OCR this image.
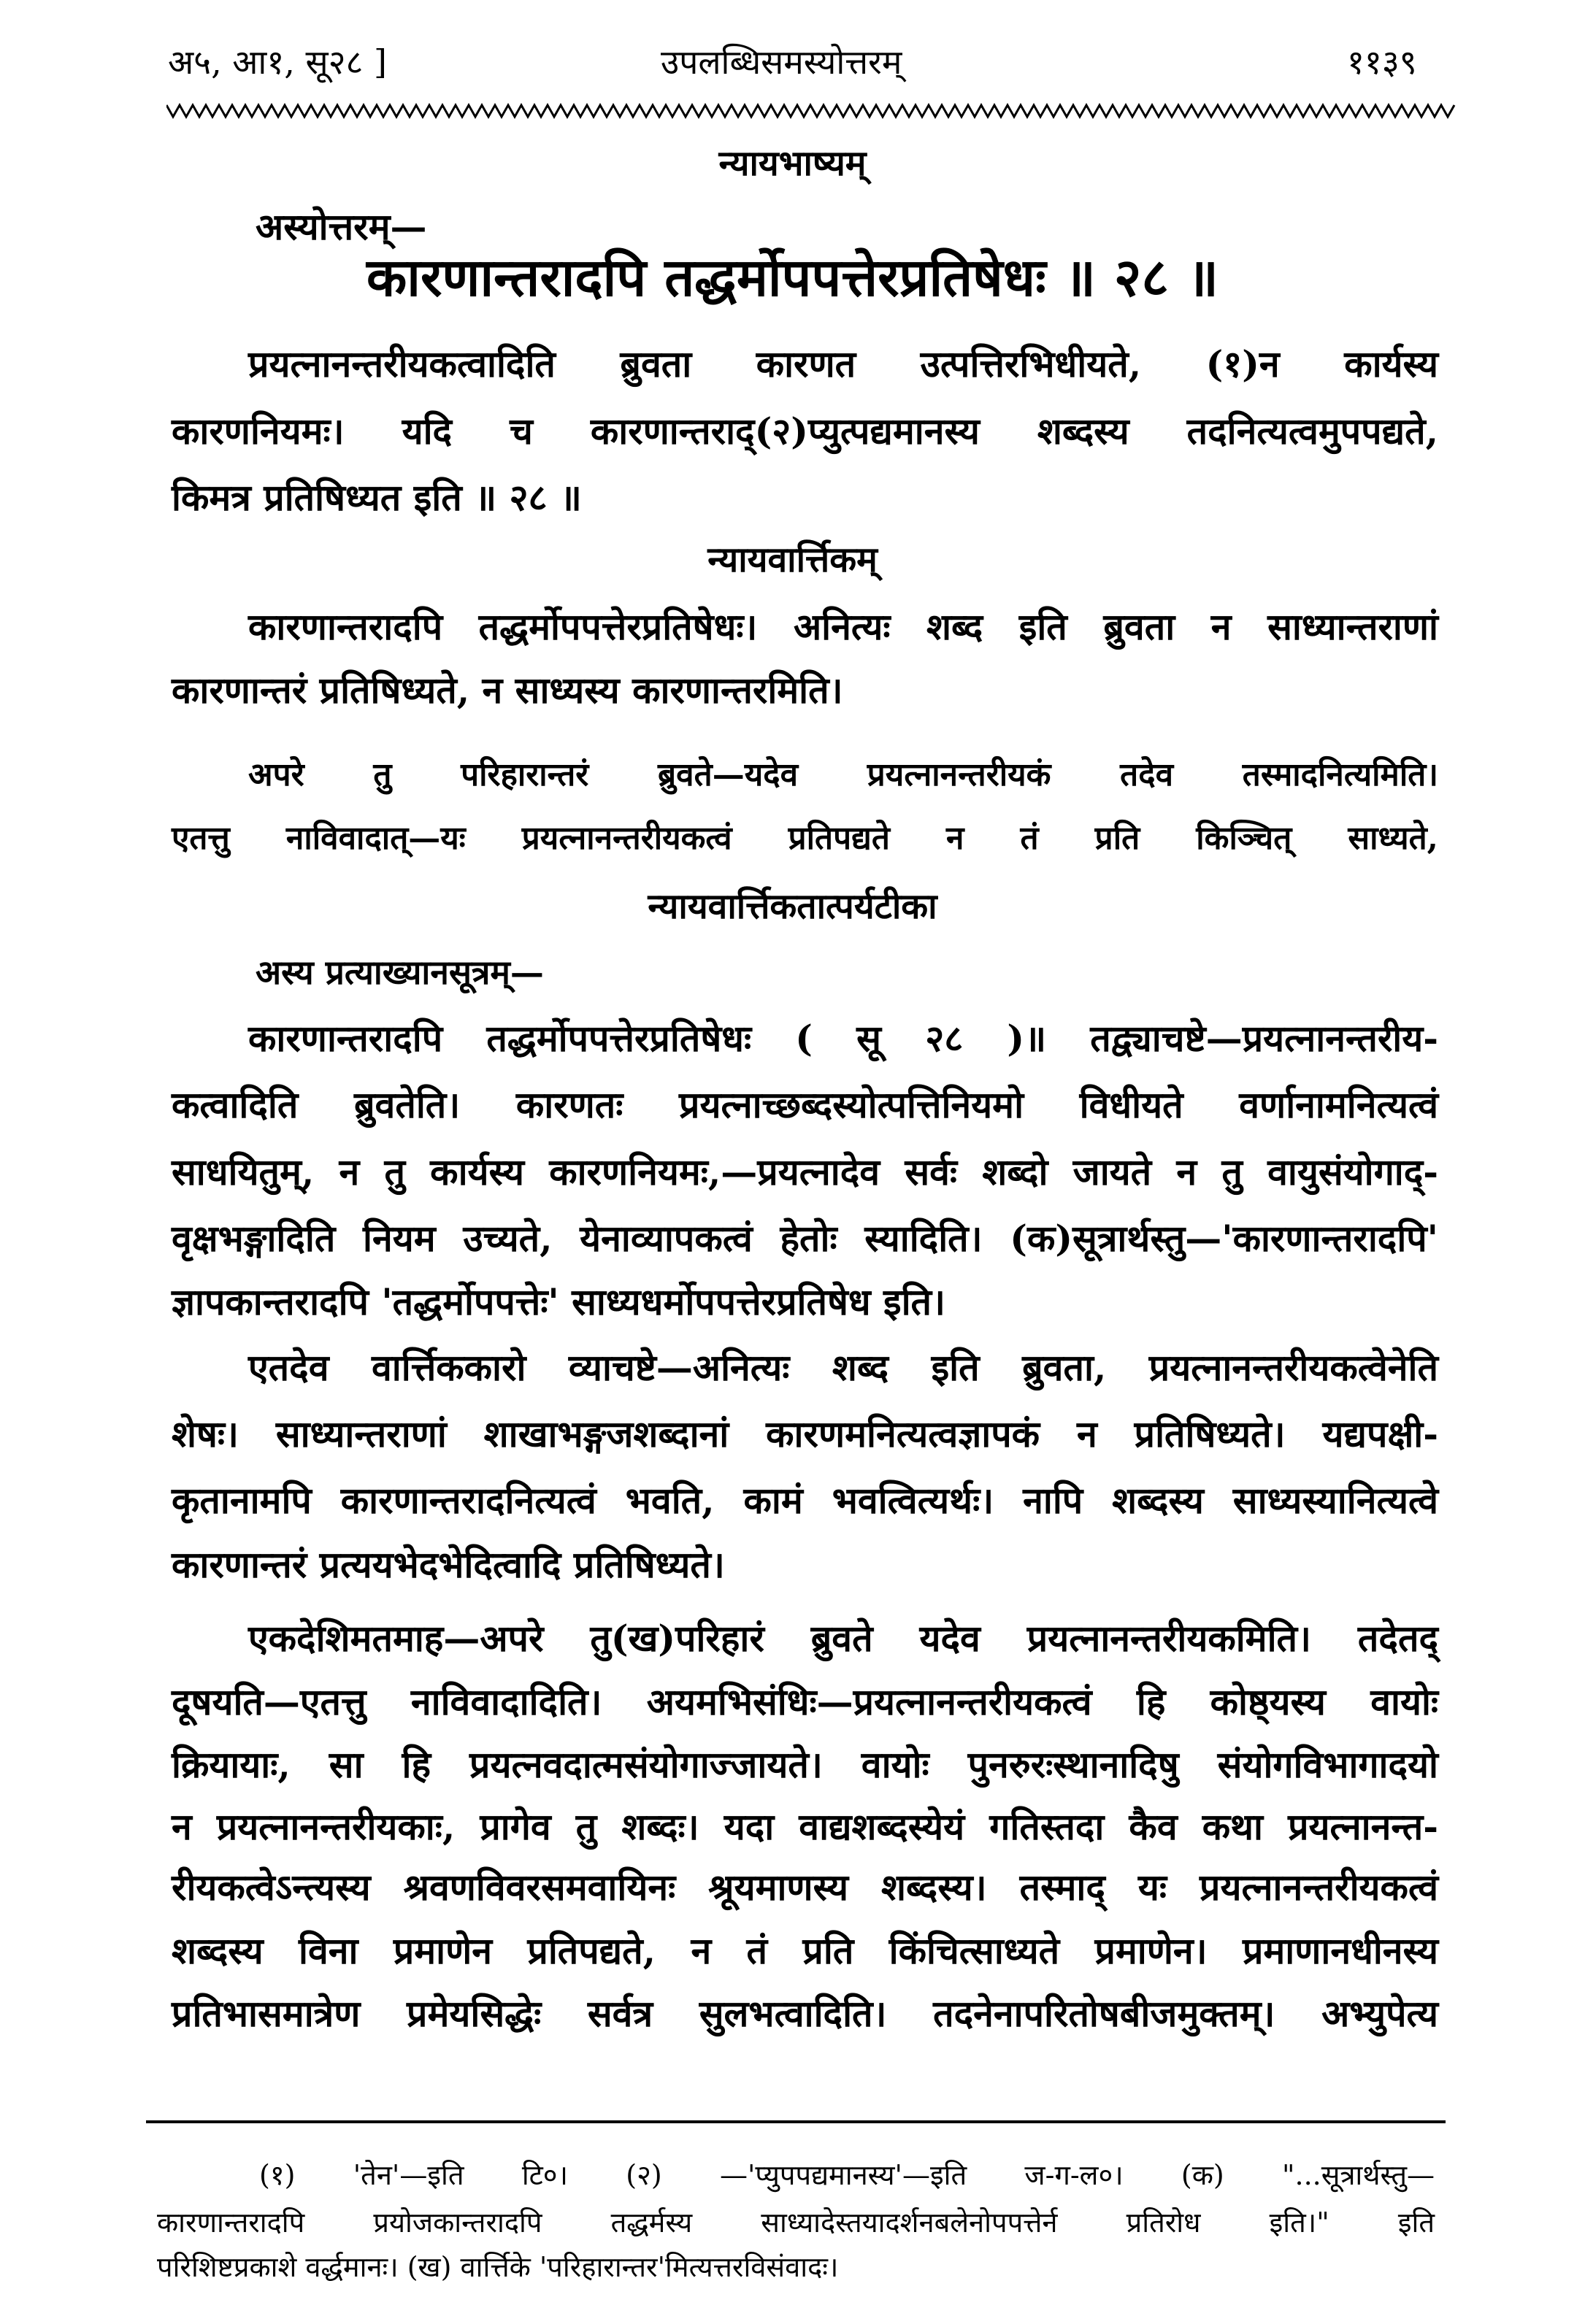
अ५, आ१, सू२८ ]	उपलब्धिसमस्योत्तरम्	११३९
न्यायभाष्यम्
अस्योत्तरम्—
कारणान्तरादपि तद्धर्मोपपत्तेरप्रतिषेधः ॥ २८ ॥
प्रयत्नानन्तरीयकत्वादिति ब्रुवता कारणत उत्पत्तिरभिधीयते, (१)न कार्यस्य
कारणनियमः। यदि च कारणान्तराद्(२)प्युत्पद्यमानस्य शब्दस्य तदनित्यत्वमुपपद्यते,
किमत्र प्रतिषिध्यत इति ॥ २८ ॥
न्यायवार्त्तिकम्
कारणान्तरादपि तद्धर्मोपपत्तेरप्रतिषेधः। अनित्यः शब्द इति ब्रुवता न साध्यान्तराणां
कारणान्तरं प्रतिषिध्यते, न साध्यस्य कारणान्तरमिति।
अपरे तु परिहारान्तरं ब्रुवते—यदेव प्रयत्नानन्तरीयकं तदेव तस्मादनित्यमिति।
एतत्तु नाविवादात्—यः प्रयत्नानन्तरीयकत्वं प्रतिपद्यते न तं प्रति किञ्चित् साध्यते,
न्यायवार्त्तिकतात्पर्यटीका
अस्य प्रत्याख्यानसूत्रम्—
कारणान्तरादपि तद्धर्मोपपत्तेरप्रतिषेधः ( सू २८ )॥ तद्व्याचष्टे—प्रयत्नानन्तरीय-
कत्वादिति ब्रुवतेति। कारणतः प्रयत्नाच्छब्दस्योत्पत्तिनियमो विधीयते वर्णानामनित्यत्वं
साधयितुम्, न तु कार्यस्य कारणनियमः,—प्रयत्नादेव सर्वः शब्दो जायते न तु वायुसंयोगाद्-
वृक्षभङ्गादिति नियम उच्यते, येनाव्यापकत्वं हेतोः स्यादिति। (क)सूत्रार्थस्तु—'कारणान्तरादपि'
ज्ञापकान्तरादपि 'तद्धर्मोपपत्तेः' साध्यधर्मोपपत्तेरप्रतिषेध इति।
एतदेव वार्त्तिककारो व्याचष्टे—अनित्यः शब्द इति ब्रुवता, प्रयत्नानन्तरीयकत्वेनेति
शेषः। साध्यान्तराणां शाखाभङ्गजशब्दानां कारणमनित्यत्वज्ञापकं न प्रतिषिध्यते। यद्यपक्षी-
कृतानामपि कारणान्तरादनित्यत्वं भवति, कामं भवत्वित्यर्थः। नापि शब्दस्य साध्यस्यानित्यत्वे
कारणान्तरं प्रत्ययभेदभेदित्वादि प्रतिषिध्यते।
एकदेशिमतमाह—अपरे तु(ख)परिहारं ब्रुवते यदेव प्रयत्नानन्तरीयकमिति। तदेतद्
दूषयति—एतत्तु नाविवादादिति। अयमभिसंधिः—प्रयत्नानन्तरीयकत्वं हि कोष्ठ्यस्य वायोः
क्रियायाः, सा हि प्रयत्नवदात्मसंयोगाज्जायते। वायोः पुनरुरःस्थानादिषु संयोगविभागादयो
न प्रयत्नानन्तरीयकाः, प्रागेव तु शब्दः। यदा वाद्यशब्दस्येयं गतिस्तदा कैव कथा प्रयत्नानन्त-
रीयकत्वेऽन्त्यस्य श्रवणविवरसमवायिनः श्रूयमाणस्य शब्दस्य। तस्माद् यः प्रयत्नानन्तरीयकत्वं
शब्दस्य विना प्रमाणेन प्रतिपद्यते, न तं प्रति किंचित्साध्यते प्रमाणेन। प्रमाणानधीनस्य
प्रतिभासमात्रेण प्रमेयसिद्धेः सर्वत्र सुलभत्वादिति। तदनेनापरितोषबीजमुक्तम्। अभ्युपेत्य
(१) 'तेन'—इति टि०। (२) —'प्युपपद्यमानस्य'—इति ज-ग-ल०। (क) "...सूत्रार्थस्तु—
कारणान्तरादपि प्रयोजकान्तरादपि तद्धर्मस्य साध्यादेस्तयादर्शनबलेनोपपत्तेर्न प्रतिरोध इति।" इति
परिशिष्टप्रकाशे वर्द्धमानः। (ख) वार्त्तिके 'परिहारान्तर'मित्यत्तरविसंवादः।
